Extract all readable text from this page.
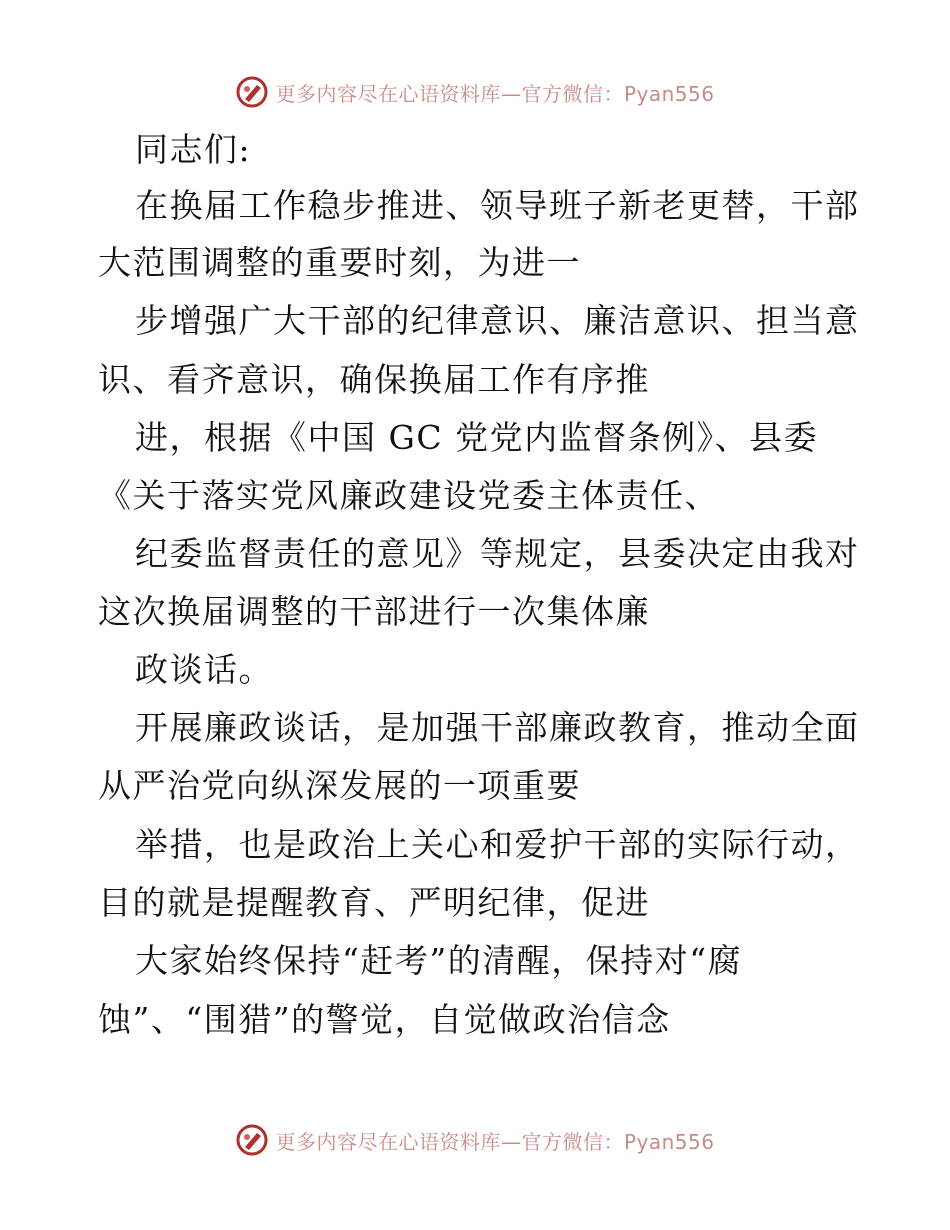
更多内容尽在心语资料库—官方微信：Pyan556
同志们:
在换届工作稳步推进、领导班子新老更替，干部
大范围调整的重要时刻，为进一
步增强广大干部的纪律意识、廉洁意识、担当意
识、看齐意识，确保换届工作有序推
进，根据《中国 GC 党党内监督条例》、县委
《关于落实党风廉政建设党委主体责任、
纪委监督责任的意见》等规定，县委决定由我对
这次换届调整的干部进行一次集体廉
政谈话。
开展廉政谈话，是加强干部廉政教育，推动全面
从严治党向纵深发展的一项重要
举措，也是政治上关心和爱护干部的实际行动，
目的就是提醒教育、严明纪律，促进
大家始终保持“赶考”的清醒，保持对“腐
蚀”、“围猎”的警觉，自觉做政治信念
更多内容尽在心语资料库—官方微信：Pyan556
